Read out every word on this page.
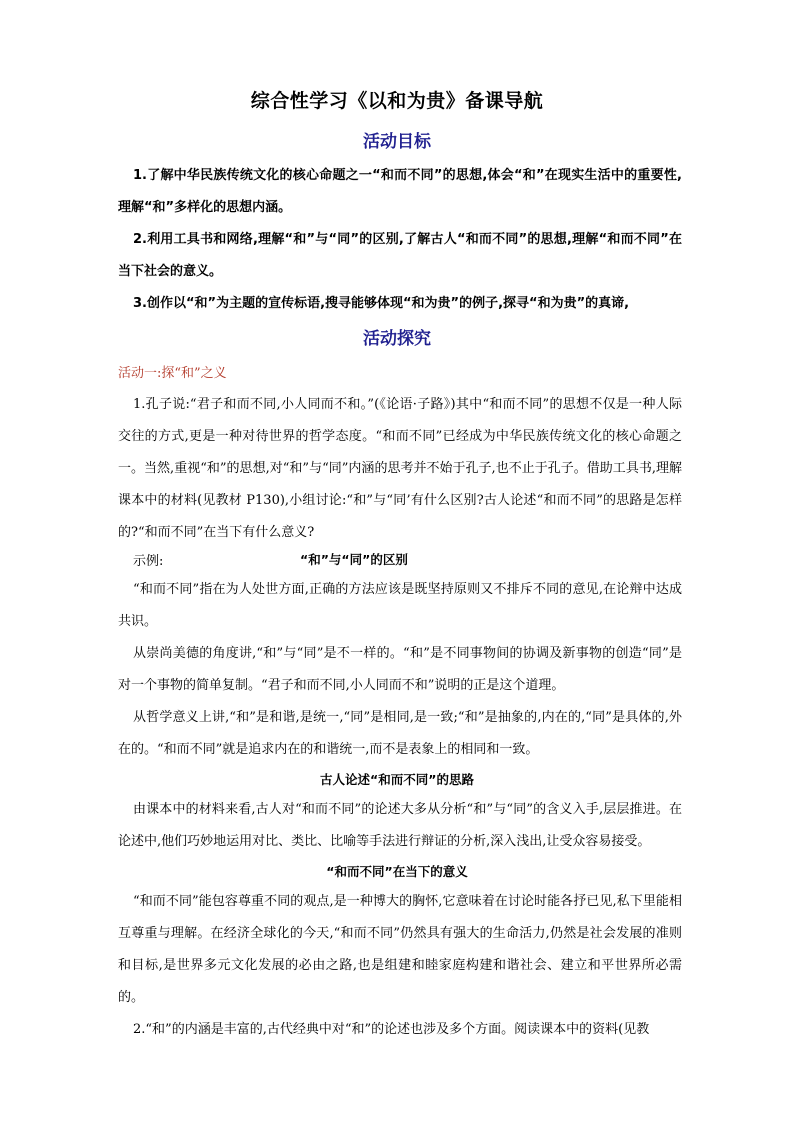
综合性学习《以和为贵》备课导航
活动目标
1.了解中华民族传统文化的核心命题之一“和而不同”的思想,体会“和”在现实生活中的重要性,理解“和”多样化的思想内涵。
2.利用工具书和网络,理解“和”与“同”的区别,了解古人“和而不同”的思想,理解“和而不同”在当下社会的意义。
3.创作以“和”为主题的宣传标语,搜寻能够体现“和为贵”的例子,探寻“和为贵”的真谛,
活动探究
活动一:探“和”之义
1.孔子说:“君子和而不同,小人同而不和。”(《论语·子路》)其中“和而不同”的思想不仅是一种人际交往的方式,更是一种对待世界的哲学态度。“和而不同”已经成为中华民族传统文化的核心命题之一。当然,重视“和”的思想,对“和”与“同”内涵的思考并不始于孔子,也不止于孔子。借助工具书,理解课本中的材料(见教材 P130),小组讨论:“和”与“同’有什么区别?古人论述“和而不同”的思路是怎样的?“和而不同”在当下有什么意义?
示例:	“和”与“同”的区别
“和而不同”指在为人处世方面,正确的方法应该是既坚持原则又不排斥不同的意见,在论辩中达成共识。
从崇尚美德的角度讲,“和”与“同”是不一样的。“和”是不同事物间的协调及新事物的创造“同”是对一个事物的简单复制。“君子和而不同,小人同而不和”说明的正是这个道理。
从哲学意义上讲,“和”是和谐,是统一,“同”是相同,是一致;“和”是抽象的,内在的,“同”是具体的,外在的。“和而不同”就是追求内在的和谐统一,而不是表象上的相同和一致。
古人论述“和而不同”的思路
由课本中的材料来看,古人对“和而不同”的论述大多从分析“和”与“同”的含义入手,层层推进。在论述中,他们巧妙地运用对比、类比、比喻等手法进行辩证的分析,深入浅出,让受众容易接受。
“和而不同”在当下的意义
“和而不同”能包容尊重不同的观点,是一种博大的胸怀,它意味着在讨论时能各抒已见,私下里能相互尊重与理解。在经济全球化的今天,“和而不同”仍然具有强大的生命活力,仍然是社会发展的准则和目标,是世界多元文化发展的必由之路,也是组建和睦家庭构建和谐社会、建立和平世界所必需的。
2.“和”的内涵是丰富的,古代经典中对“和”的论述也涉及多个方面。阅读课本中的资料(见教
